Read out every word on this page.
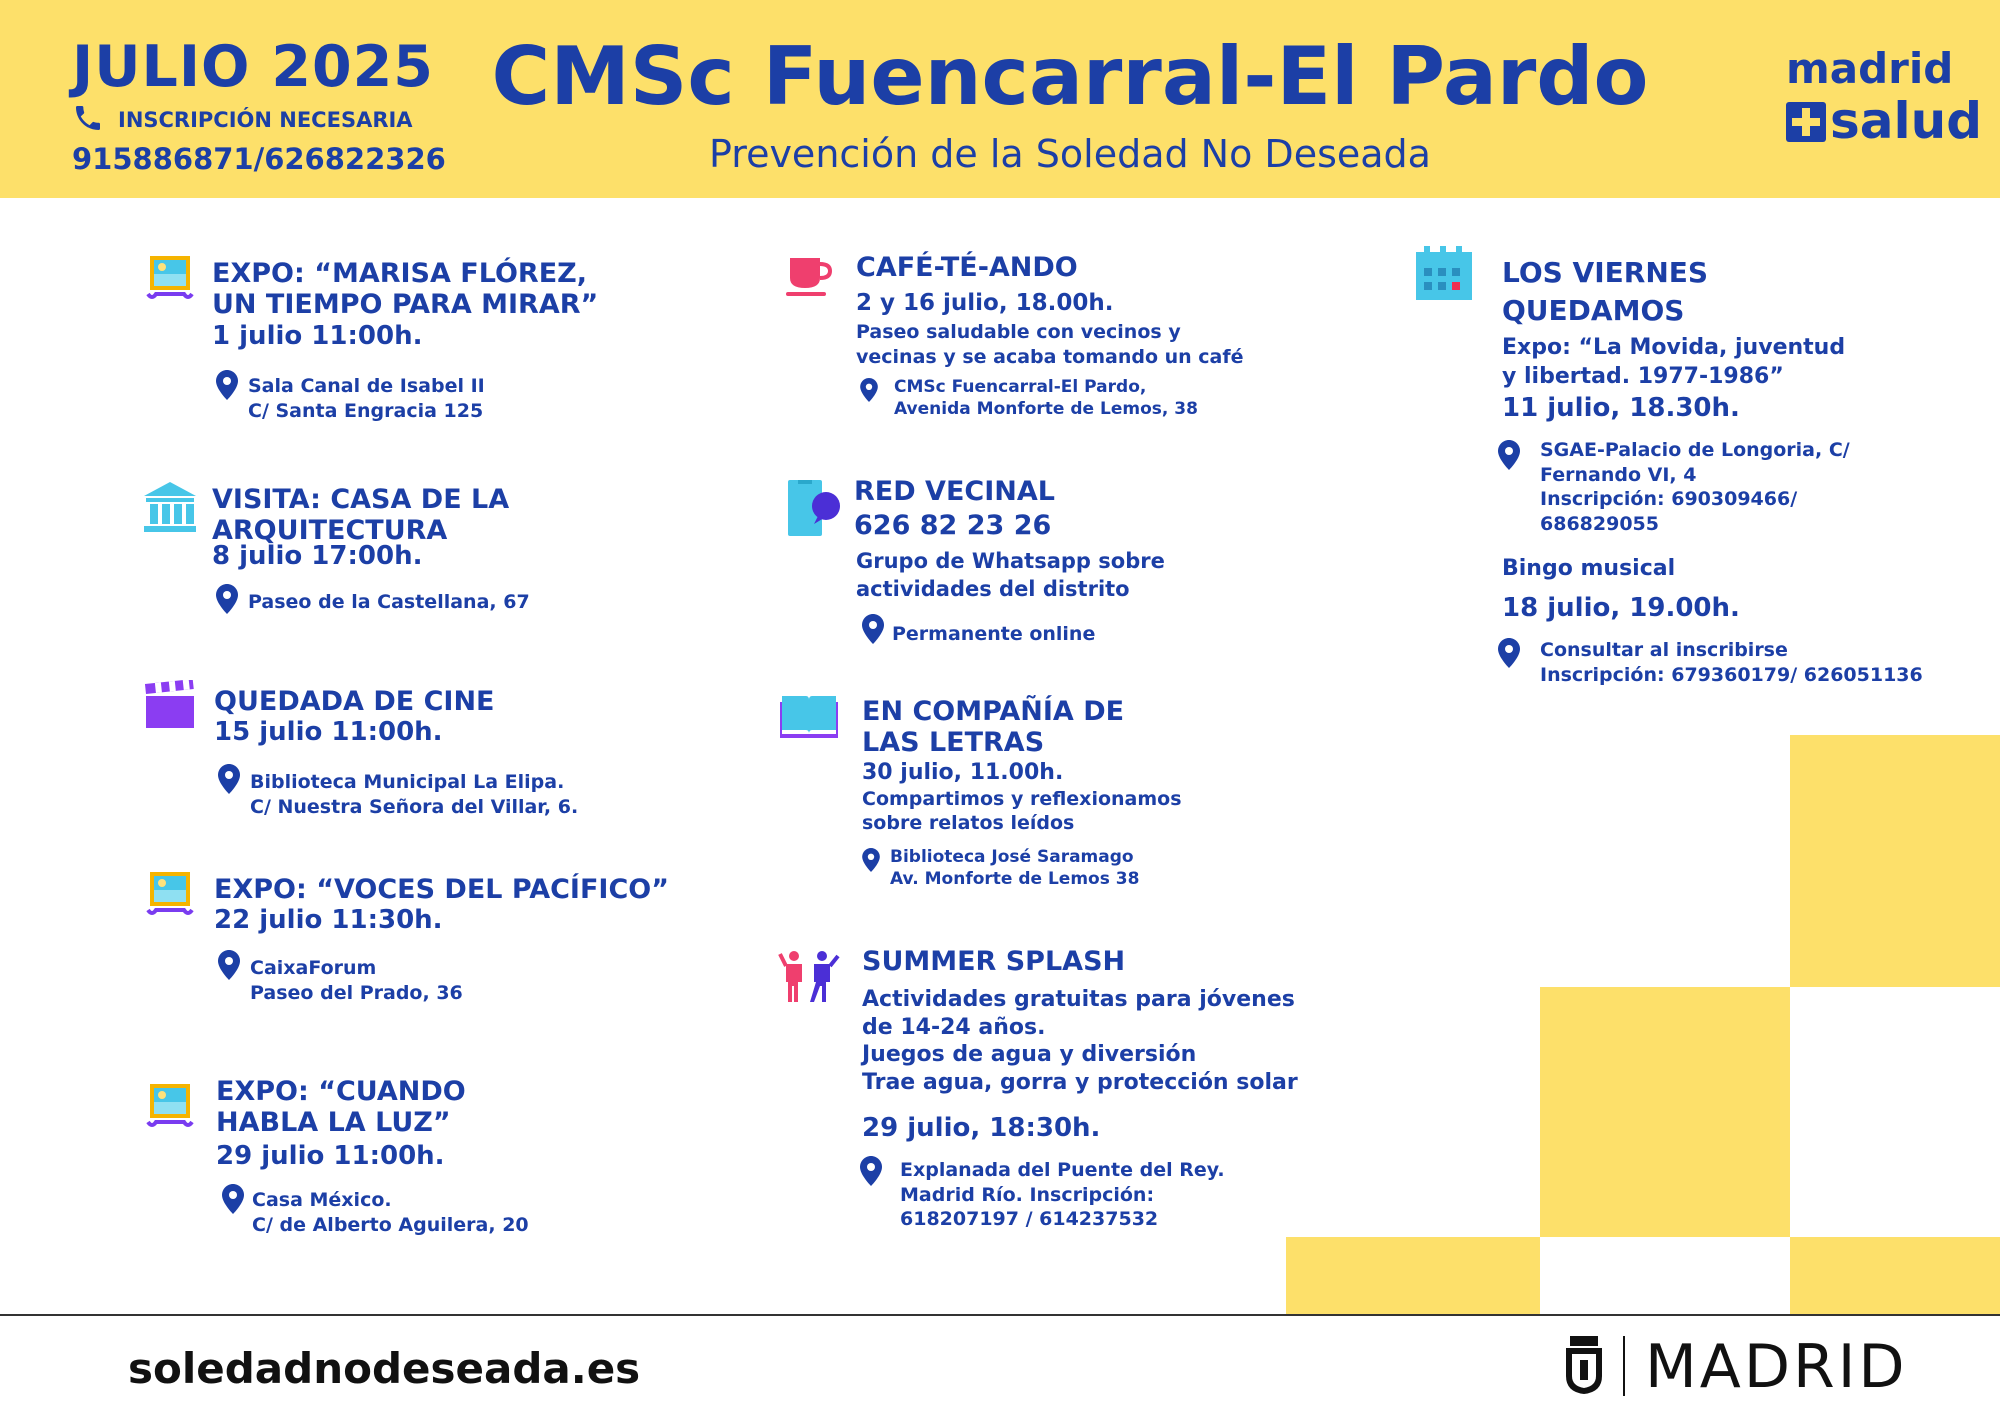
JULIO 2025
INSCRIPCIÓN NECESARIA
915886871/626822326
CMSc Fuencarral-El Pardo
Prevención de la Soledad No Deseada
madrid
salud
EXPO: “MARISA FLÓREZ,
UN TIEMPO PARA MIRAR”
1 julio 11:00h.
Sala Canal de Isabel II
C/ Santa Engracia 125
VISITA: CASA DE LA
ARQUITECTURA
8 julio 17:00h.
Paseo de la Castellana, 67
QUEDADA DE CINE
15 julio 11:00h.
Biblioteca Municipal La Elipa.
C/ Nuestra Señora del Villar, 6.
EXPO: “VOCES DEL PACÍFICO”
22 julio 11:30h.
CaixaForum
Paseo del Prado, 36
EXPO: “CUANDO
HABLA LA LUZ”
29 julio 11:00h.
Casa México.
C/ de Alberto Aguilera, 20
CAFÉ-TÉ-ANDO
2 y 16 julio, 18.00h.
Paseo saludable con vecinos y
vecinas y se acaba tomando un café
CMSc Fuencarral-El Pardo,
Avenida Monforte de Lemos, 38
RED VECINAL
626 82 23 26
Grupo de Whatsapp sobre
actividades del distrito
Permanente online
EN COMPAÑÍA DE
LAS LETRAS
30 julio, 11.00h.
Compartimos y reflexionamos
sobre relatos leídos
Biblioteca José Saramago
Av. Monforte de Lemos 38
SUMMER SPLASH
Actividades gratuitas para jóvenes
de 14-24 años.
Juegos de agua y diversión
Trae agua, gorra y protección solar
29 julio, 18:30h.
Explanada del Puente del Rey.
Madrid Río. Inscripción:
618207197 / 614237532
LOS VIERNES
QUEDAMOS
Expo: “La Movida, juventud
y libertad. 1977-1986”
11 julio, 18.30h.
SGAE-Palacio de Longoria, C/
Fernando VI, 4
Inscripción: 690309466/
686829055
Bingo musical
18 julio, 19.00h.
Consultar al inscribirse
Inscripción: 679360179/ 626051136
soledadnodeseada.es	MADRID
